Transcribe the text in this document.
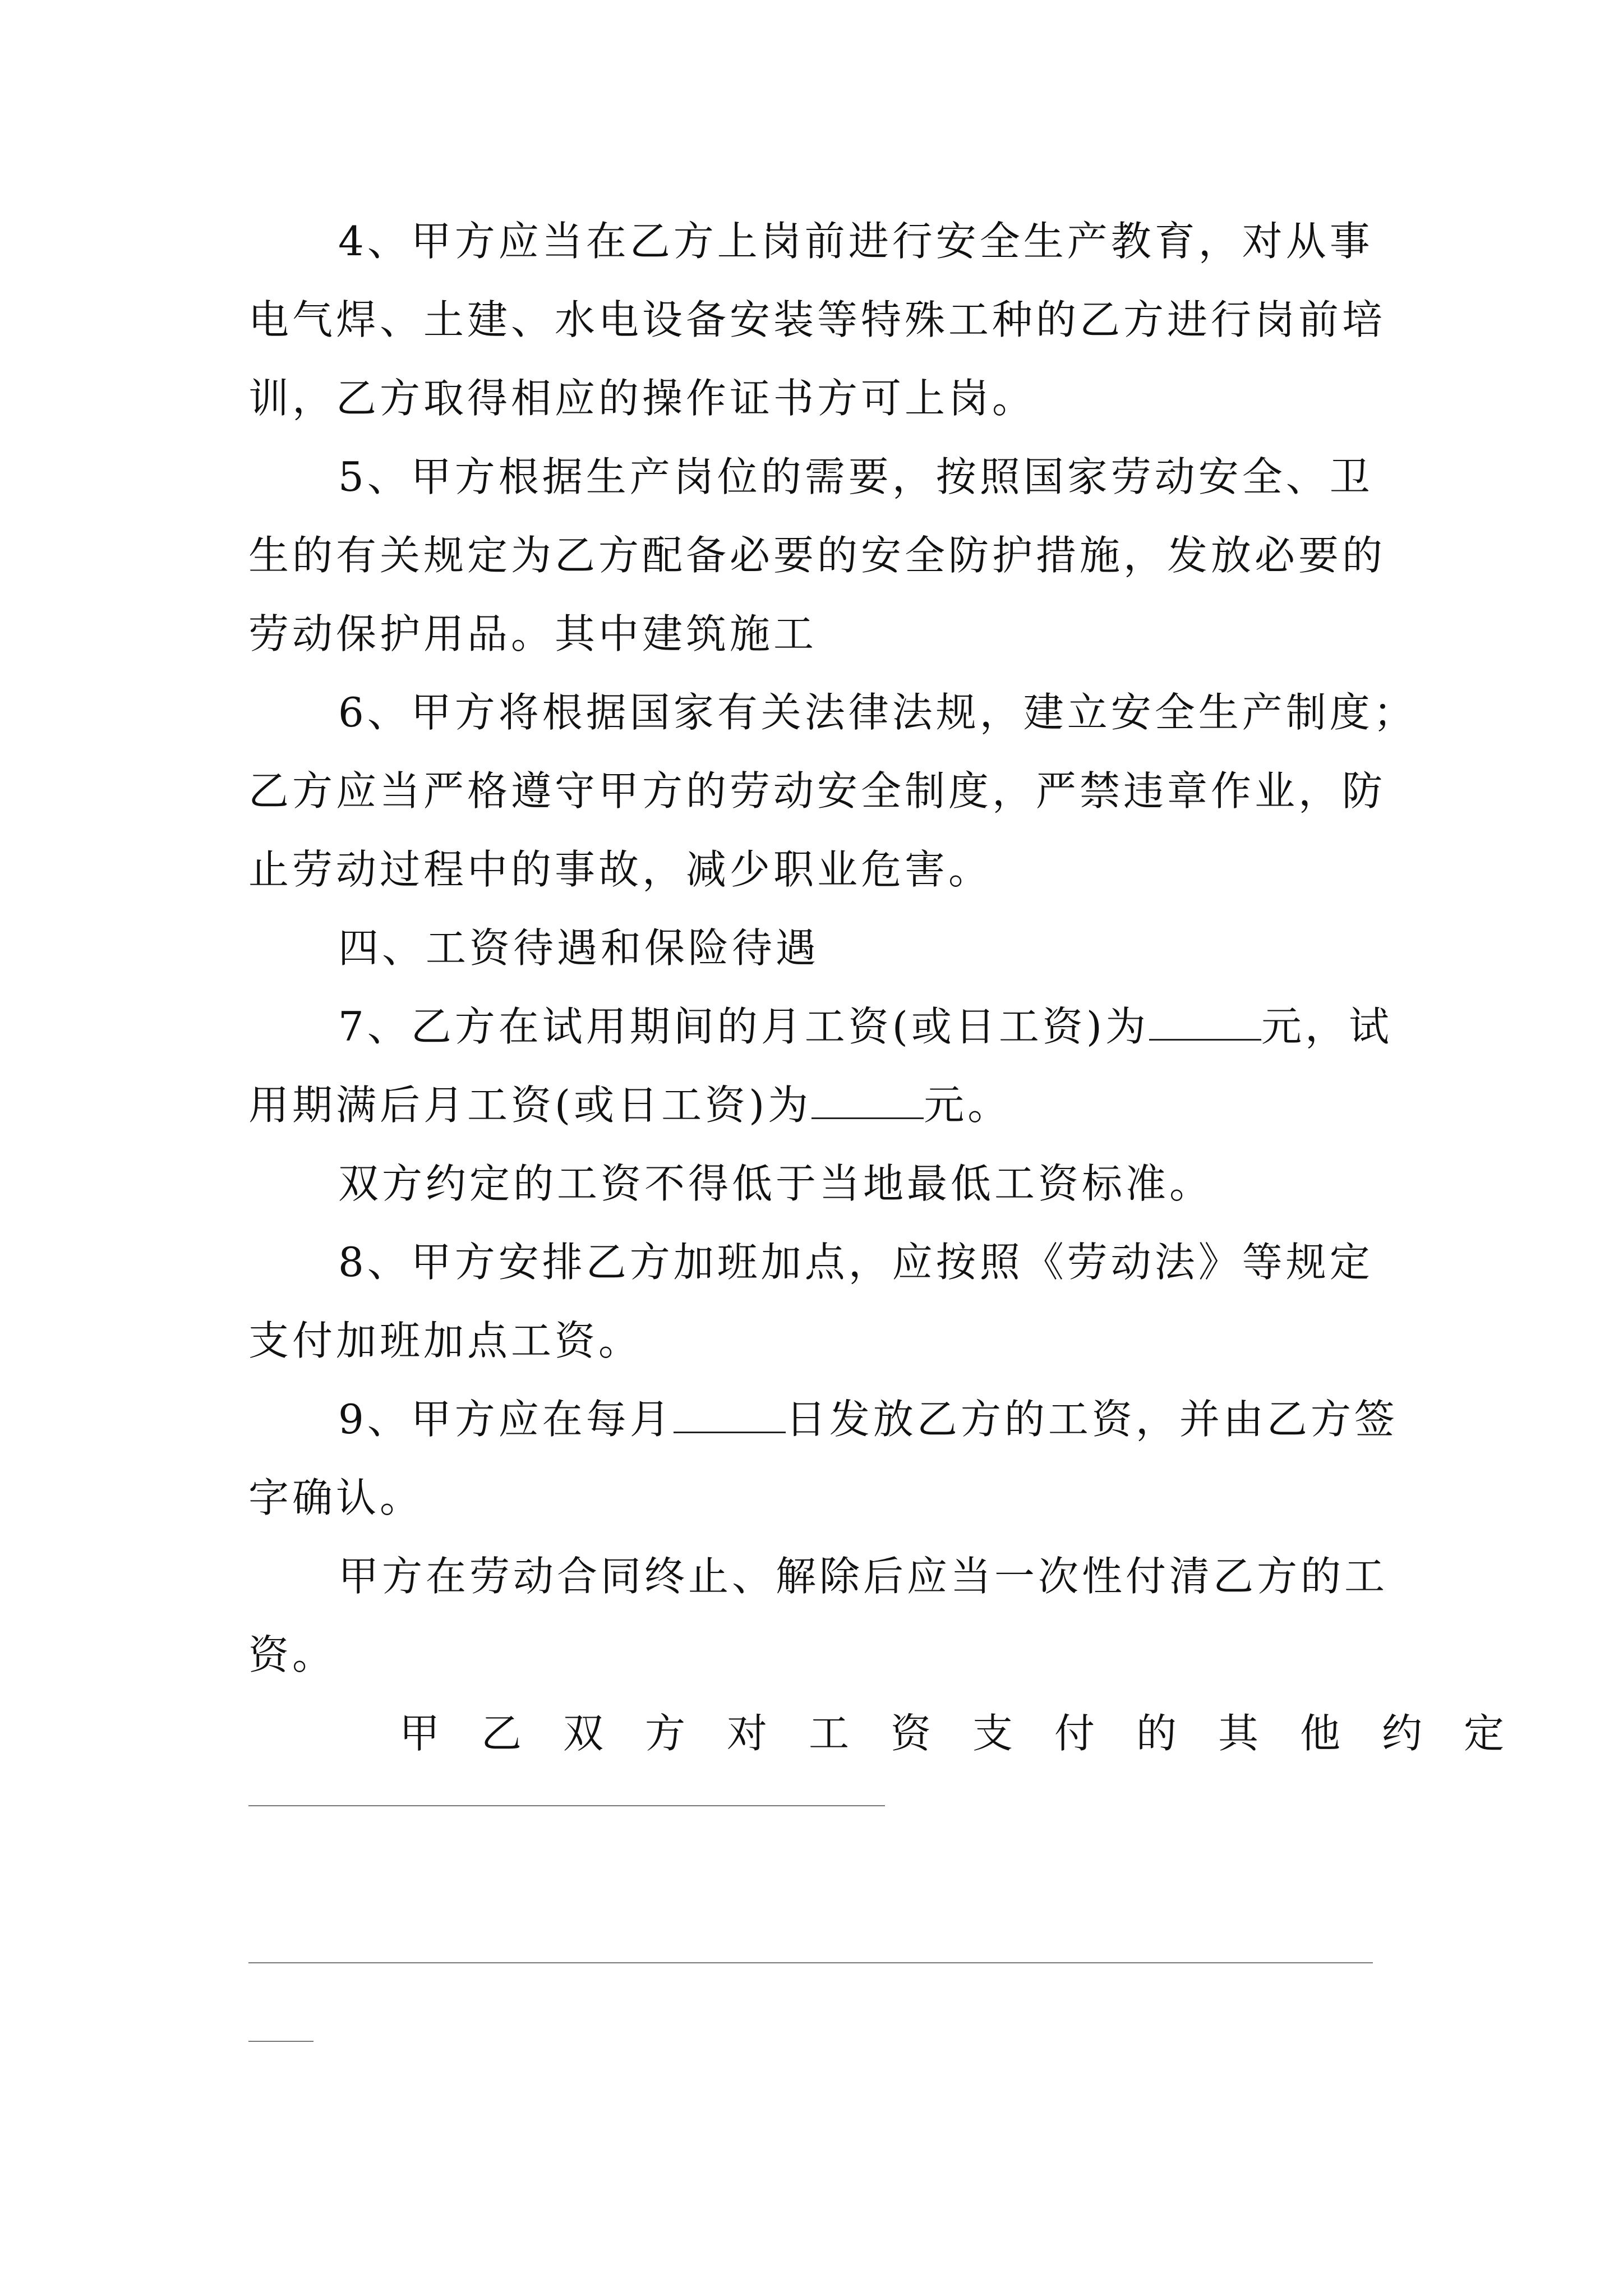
4、甲方应当在乙方上岗前进行安全生产教育，对从事
电气焊、土建、水电设备安装等特殊工种的乙方进行岗前培
训，乙方取得相应的操作证书方可上岗。
5、甲方根据生产岗位的需要，按照国家劳动安全、卫
生的有关规定为乙方配备必要的安全防护措施，发放必要的
劳动保护用品。其中建筑施工
6、甲方将根据国家有关法律法规，建立安全生产制度；
乙方应当严格遵守甲方的劳动安全制度，严禁违章作业，防
止劳动过程中的事故，减少职业危害。
四、工资待遇和保险待遇
7、乙方在试用期间的月工资(或日工资)为	元，试
用期满后月工资(或日工资)为	元。
双方约定的工资不得低于当地最低工资标准。
8、甲方安排乙方加班加点，应按照《劳动法》等规定
支付加班加点工资。
9、甲方应在每月	日发放乙方的工资，并由乙方签
字确认。
甲方在劳动合同终止、解除后应当一次性付清乙方的工
资。
甲乙双方对工资支付的其他约定
